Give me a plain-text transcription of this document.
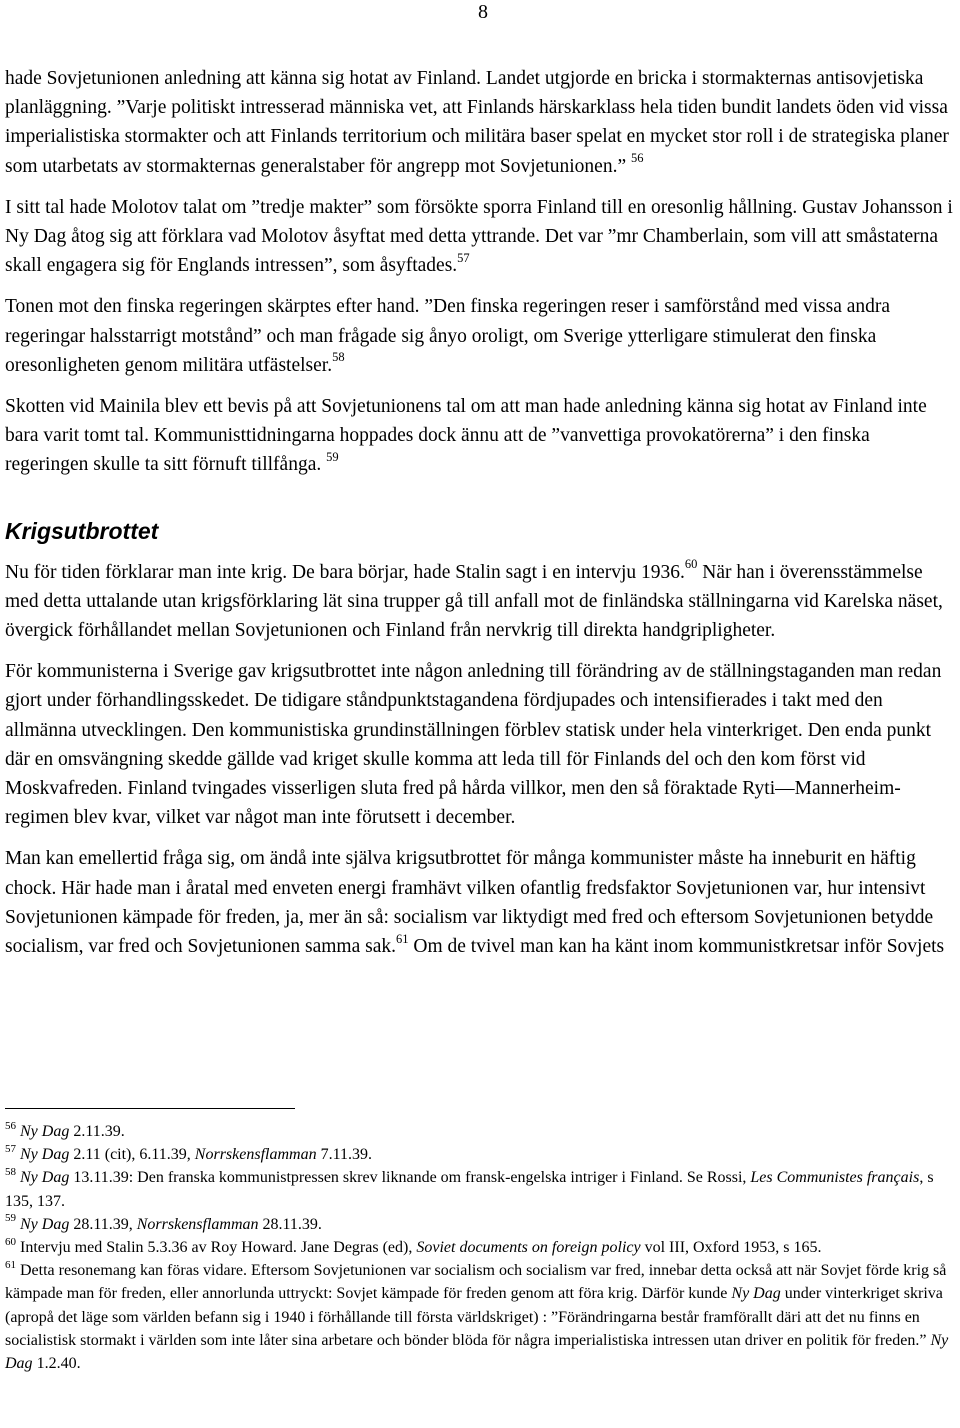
8

hade Sovjetunionen anledning att känna sig hotat av Finland. Landet utgjorde en bricka i stormakternas antisovjetiska planläggning. ”Varje politiskt intresserad människa vet, att Finlands härskarklass hela tiden bundit landets öden vid vissa imperialistiska stormakter och att Finlands territorium och militära baser spelat en mycket stor roll i de strategiska planer som utarbetats av stormakternas generalstaber för angrepp mot Sovjetunionen.” $^{56}$

I sitt tal hade Molotov talat om ”tredje makter” som försökte sporra Finland till en oresonlig hållning. Gustav Johansson i Ny Dag åtog sig att förklara vad Molotov åsyftat med detta yttrande. Det var ”mr Chamberlain, som vill att småstaterna skall engagera sig för Englands intressen”, som åsyftades.$^{57}$

Tonen mot den finska regeringen skärptes efter hand. ”Den finska regeringen reser i samförstånd med vissa andra regeringar halsstarrigt motstånd” och man frågade sig ånyo oroligt, om Sverige ytterligare stimulerat den finska oresonligheten genom militära utfästelser.$^{58}$

Skotten vid Mainila blev ett bevis på att Sovjetunionens tal om att man hade anledning känna sig hotat av Finland inte bara varit tomt tal. Kommunisttidningarna hoppades dock ännu att de ”vanvettiga provokatörerna” i den finska regeringen skulle ta sitt förnuft tillfånga. $^{59}$

Krigsutbrottet

Nu för tiden förklarar man inte krig. De bara börjar, hade Stalin sagt i en intervju 1936.60 När han i överensstämmelse med detta uttalande utan krigsförklaring lät sina trupper gå till anfall mot de finländska ställningarna vid Karelska näset, övergick förhållandet mellan Sovjetunionen och Finland från nervkrig till direkta handgripligheter.

För kommunisterna i Sverige gav krigsutbrottet inte någon anledning till förändring av de ställningstaganden man redan gjort under förhandlingsskedet. De tidigare ståndpunktstagandena fördjupades och intensifierades i takt med den allmänna utvecklingen. Den kommunistiska grundinställningen förblev statisk under hela vinterkriget. Den enda punkt där en omsvängning skedde gällde vad kriget skulle komma att leda till för Finlands del och den kom först vid Moskvafreden. Finland tvingades visserligen sluta fred på hårda villkor, men den så föraktade Ryti—Mannerheim-regimen blev kvar, vilket var något man inte förutsett i december.

Man kan emellertid fråga sig, om ändå inte själva krigsutbrottet för många kommunister måste ha inneburit en häftig chock. Här hade man i åratal med enveten energi framhävt vilken ofantlig fredsfaktor Sovjetunionen var, hur intensivt Sovjetunionen kämpade för freden, ja, mer än så: socialism var liktydigt med fred och eftersom Sovjetunionen betydde socialism, var fred och Sovjetunionen samma sak.$^{61}$ Om de tvivel man kan ha känt inom kommunistkretsar inför Sovjets

$^{56}$ Ny Dag 2.11.39.

$^{57}$ Ny Dag 2.11 (cit), 6.11.39, Norrskensflamman 7.11.39.

$^{58}$ Ny Dag 13.11.39: Den franska kommunistpressen skrev liknande om fransk-engelska intriger i Finland. Se Rossi, Les Communistes français, s 135, 137.

$^{59}$ Ny Dag 28.11.39, Norrskensflamman 28.11.39.

$^{60}$ Intervju med Stalin 5.3.36 av Roy Howard. Jane Degras (ed), Soviet documents on foreign policy vol III, Oxford 1953, s 165.

$^{61}$ Detta resonemang kan föras vidare. Eftersom Sovjetunionen var socialism och socialism var fred, innebar detta också att när Sovjet förde krig så kämpade man för freden, eller annorlunda uttryckt: Sovjet kämpade för freden genom att föra krig. Därför kunde Ny Dag under vinterkriget skriva (apropå det läge som världen befann sig i 1940 i förhållande till första världskriget) : ”Förändringarna består framförallt däri att det nu finns en socialistisk stormakt i världen som inte låter sina arbetare och bönder blöda för några imperialistiska intressen utan driver en politik för freden.” Ny Dag 1.2.40.
